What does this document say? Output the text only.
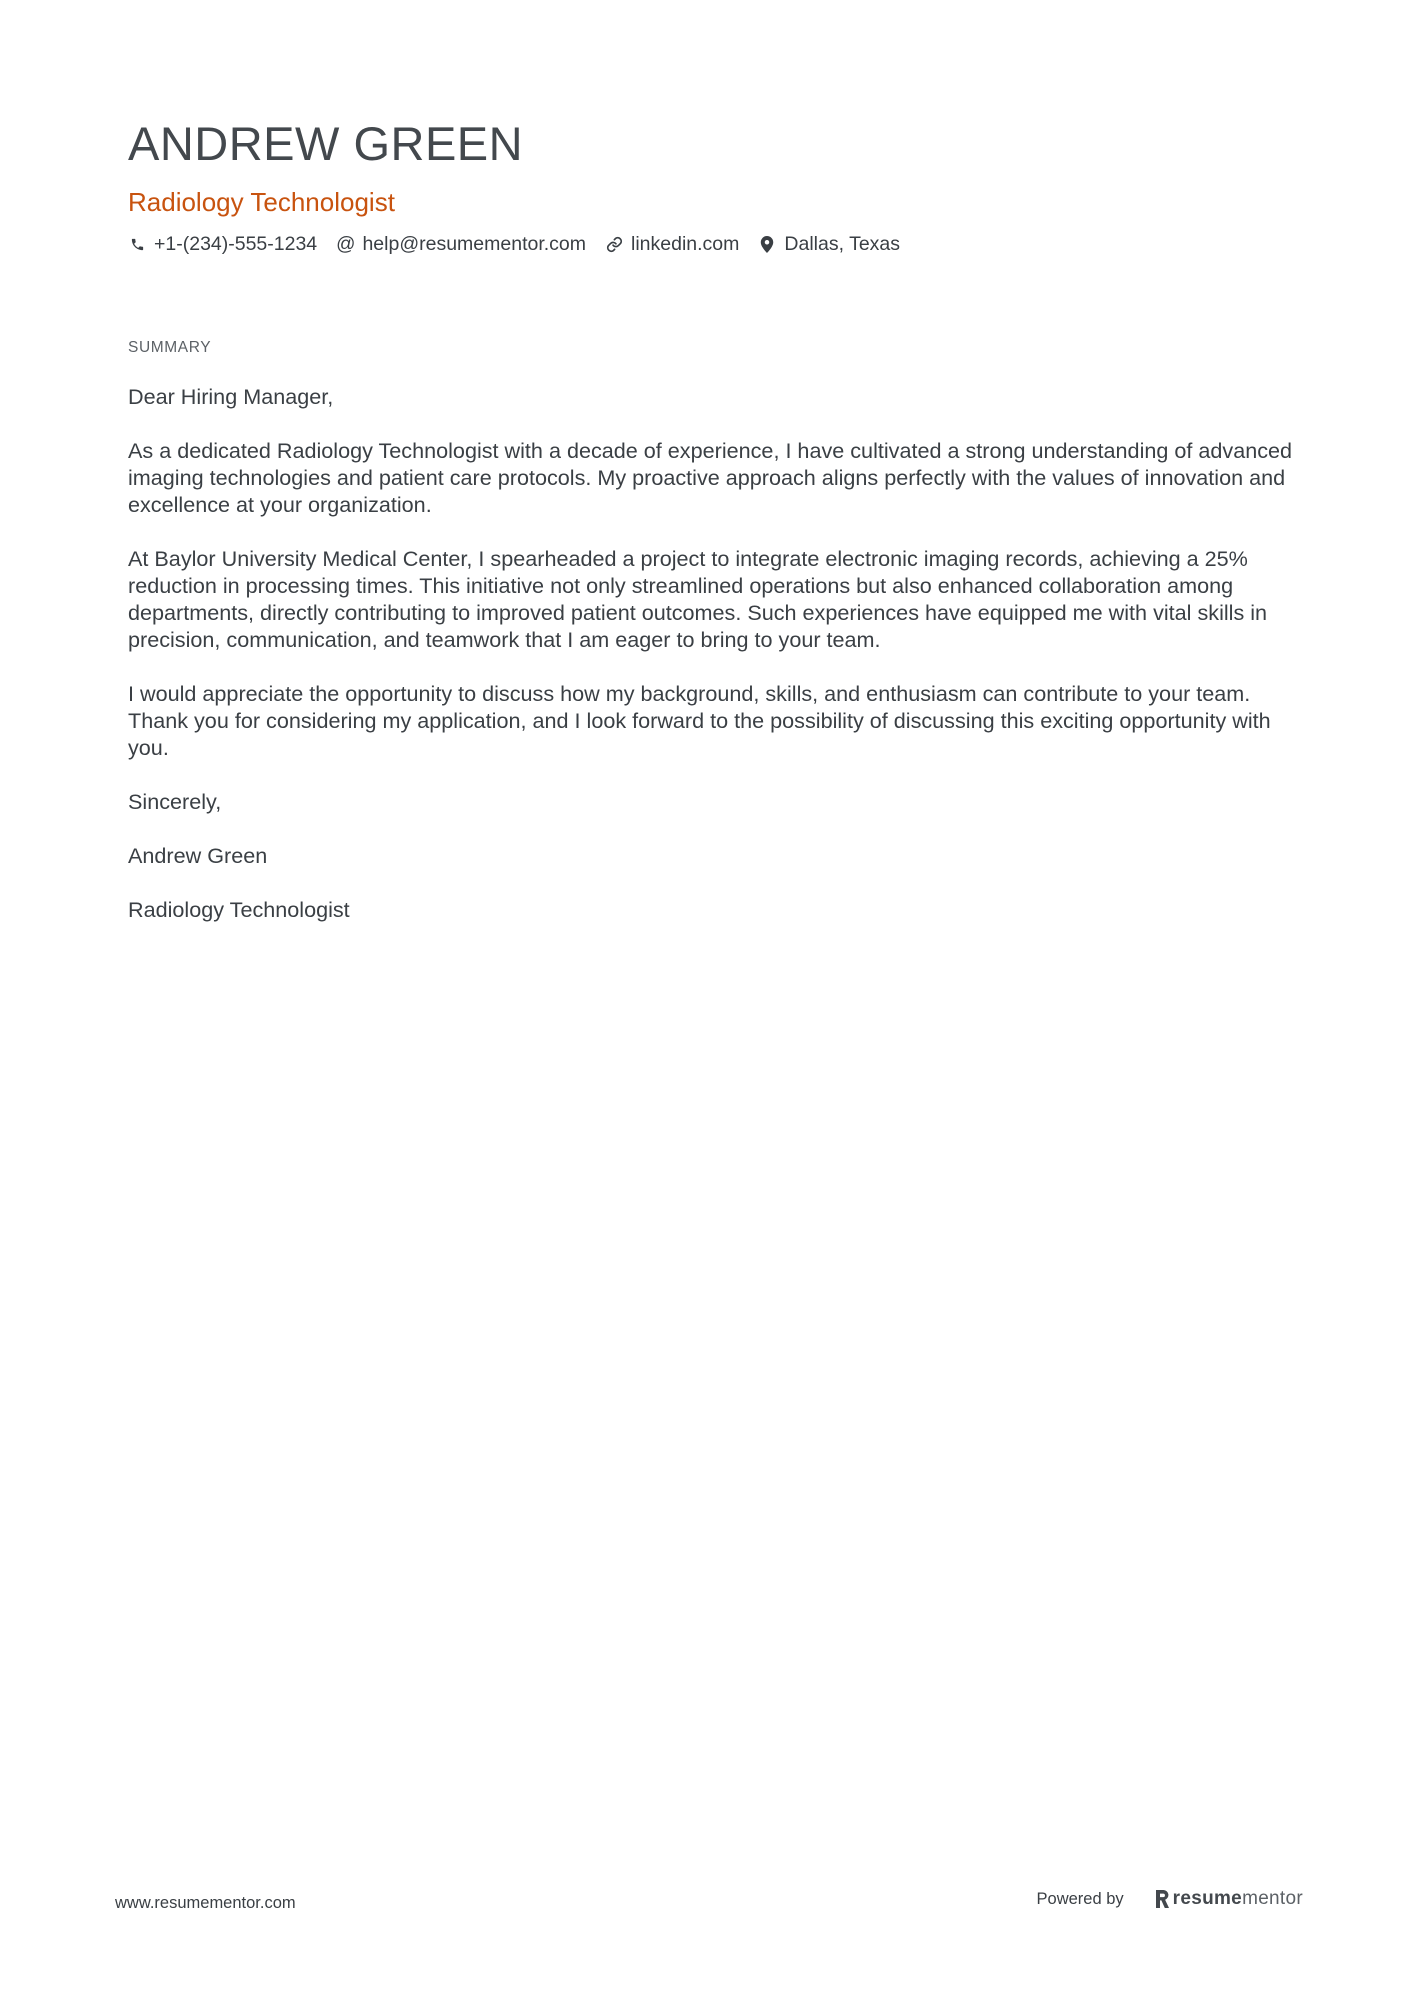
ANDREW GREEN
Radiology Technologist
+1-(234)-555-1234 @ help@resumementor.com linkedin.com Dallas, Texas
SUMMARY

Dear Hiring Manager,

As a dedicated Radiology Technologist with a decade of experience, I have cultivated a strong understanding of advanced imaging technologies and patient care protocols. My proactive approach aligns perfectly with the values of innovation and excellence at your organization.

At Baylor University Medical Center, I spearheaded a project to integrate electronic imaging records, achieving a 25% reduction in processing times. This initiative not only streamlined operations but also enhanced collaboration among departments, directly contributing to improved patient outcomes. Such experiences have equipped me with vital skills in precision, communication, and teamwork that I am eager to bring to your team.

I would appreciate the opportunity to discuss how my background, skills, and enthusiasm can contribute to your team. Thank you for considering my application, and I look forward to the possibility of discussing this exciting opportunity with you.

Sincerely,

Andrew Green

Radiology Technologist

www.resumementor.com	Powered by	resume mentor
